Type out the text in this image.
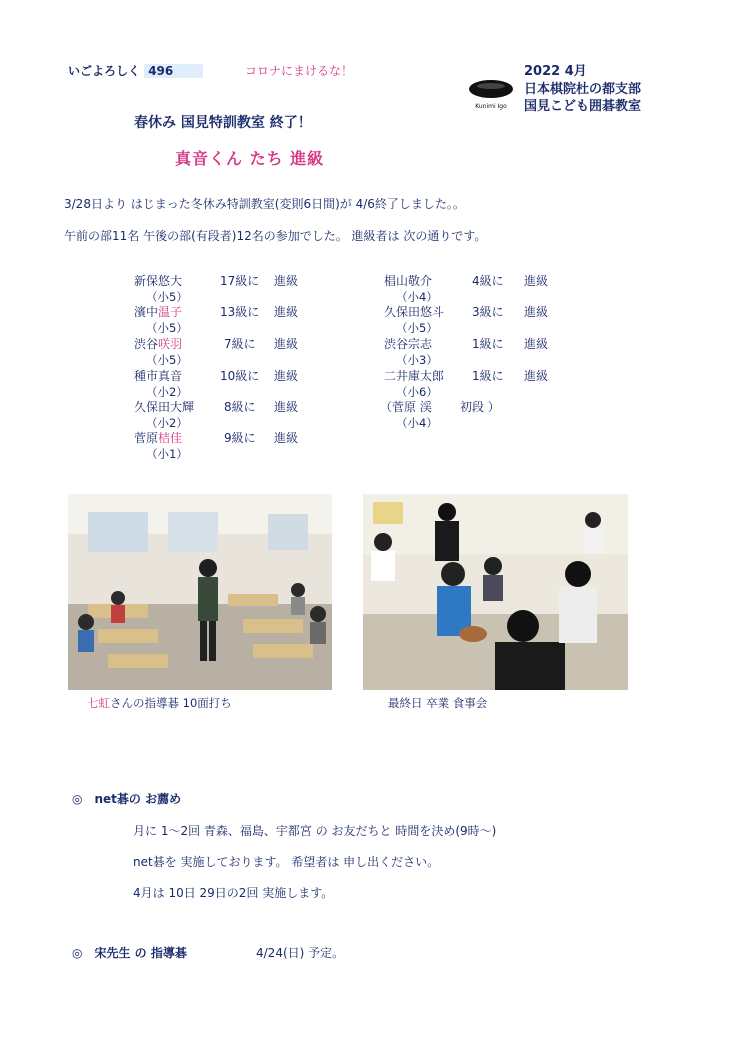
いごよろしく 496	コロナにまけるな！
Kunimi Igo
2022 4月
日本棋院杜の都支部
国見こども囲碁教室
春休み 国見特訓教室 終了！
真音くん たち 進級
3/28日より はじまった冬休み特訓教室(変則6日間)が 4/6終了しました。。
午前の部11名 午後の部(有段者)12名の参加でした。 進級者は 次の通りです。
新保悠大
（小5）
17級に 進級
濱中温子
（小5）
13級に 進級
渋谷咲羽
（小5）
7級に 進級
種市真音
（小2）
10級に 進級
久保田大輝
（小2）
8級に 進級
菅原桔佳
（小1）
9級に 進級
椙山敬介
（小4）
4級に 進級
久保田悠斗
（小5）
3級に 進級
渋谷宗志
（小3）
1級に 進級
二井庫太郎
（小6）
1級に 進級
（菅原 渓
（小4）
初段 ）
七虹さんの指導碁 10面打ち	最終日 卒業 食事会
◎ net碁の お薦め
月に 1～2回 青森、福島、宇都宮 の お友だちと 時間を決め(9時～)
net碁を 実施しております。 希望者は 申し出ください。
4月は 10日 29日の2回 実施します。
◎ 宋先生 の 指導碁	4/24(日) 予定。
